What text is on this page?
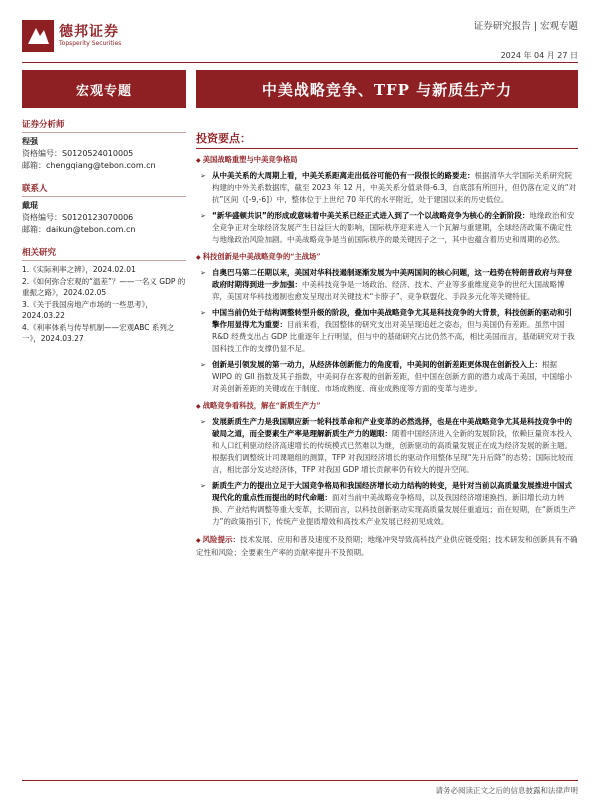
德邦证券
Topsperity Securities
证券研究报告 | 宏观专题
2024 年 04 月 27 日
宏观专题
证券分析师
程强
资格编号：S0120524010005
邮箱：chengqiang@tebon.com.cn
联系人
戴琨
资格编号：S0120123070006
邮箱：daikun@tebon.com.cn
相关研究
1.《实际利率之辨》，2024.02.01
2.《如何弥合宏观的“温差”？——一名义 GDP 的重振之路》，2024.02.05
3.《关于我国房地产市场的一些思考》，2024.03.22
4.《利率体系与传导机制——宏观ABC 系列之一》，2024.03.27
中美战略竞争、TFP 与新质生产力
投资要点：
◆ 美国战略重塑与中美竞争格局
➢ 从中美关系的大周期上看，中美关系距离走出低谷可能仍有一段很长的路要走：根据清华大学国际关系研究院构建的中外关系数据库，截至 2023 年 12 月，中美关系分值录得-6.3，自底部有所回升，但仍落在定义的“对抗”区间（[-9,-6]）中，整体位于上世纪 70 年代的水平附近，处于建国以来的历史低位。
➢ “新华盛顿共识”的形成或意味着中美关系已经正式进入到了一个以战略竞争为核心的全新阶段：地缘政治和安全竞争正对全球经济发展产生日益巨大的影响，国际秩序迎来进入一个瓦解与重建期，全球经济政策不确定性与地缘政治风险加剧。中美战略竞争是当前国际秩序的最关键因子之一，其中也蕴含着历史和周期的必然。
◆ 科技创新是中美战略竞争的“主战场”
➢ 自奥巴马第二任期以来，美国对华科技遏制逐渐发展为中美两国间的核心问题，这一趋势在特朗普政府与拜登政府时期得到进一步加强：中美科技竞争是一场政治、经济、技术、产业等多重维度竞争的世纪大国战略博弈，美国对华科技遏制也愈发呈现出对关键技术“卡脖子”、竞争联盟化、手段多元化等关键特征。
➢ 中国当前仍处于结构调整转型升级的阶段，叠加中美战略竞争尤其是科技竞争的大背景，科技创新的驱动和引擎作用显得尤为重要：目前来看，我国整体的研究支出对美呈现追赶之姿态，但与美国仍有差距。虽然中国 R&D 经费支出占 GDP 比重逐年上行明显，但与中的基础研究占比仍然不高，相比美国而言，基础研究对于我国科技工作的支撑仍显不足。
➢ 创新是引领发展的第一动力，从经济体创新能力的角度看，中美间的创新差距更体现在创新投入上：根据 WIPO 的 GII 指数及其子指数，中美间存在客观的创新差距，但中国在创新方面的潜力或高于美国，中国缩小对美创新差距的关键或在于制度、市场成熟度、商业成熟度等方面的变革与进步。
◆ 战略竞争看科技，解在“新质生产力”
➢ 发展新质生产力是我国顺应新一轮科技革命和产业变革的必然选择，也是在中美战略竞争尤其是科技竞争中的破局之道，而全要素生产率是理解新质生产力的题眼：随着中国经济进入全新的发展阶段，依赖巨量资本投入和人口红利驱动经济高速增长的传统模式已然难以为继，创新驱动的高质量发展正在成为经济发展的新主题。根据我们调整统计司课题组的测算，TFP 对我国经济增长的驱动作用整体呈现“先升后降”的态势；国际比较而言，相比部分发达经济体，TFP 对我国 GDP 增长贡献率仍有较大的提升空间。
➢ 新质生产力的提出立足于大国竞争格局和我国经济增长动力结构的转变，是针对当前以高质量发展推进中国式现代化的重点性而提出的时代命题：面对当前中美战略竞争格局，以及我国经济增速换挡、新旧增长动力转换、产业结构调整等重大变革，长期而言，以科技创新驱动实现高质量发展任重道远；而在短期，在“新质生产力”的政策指引下，传统产业提质增效和高技术产业发展已经初见成效。
◆ 风险提示：技术发展、应用和普及速度不及预期；地缘冲突导致高科技产业供应链受阻；技术研发和创新具有不确定性和风险；全要素生产率的贡献率提升不及预期。
请务必阅读正文之后的信息披露和法律声明
